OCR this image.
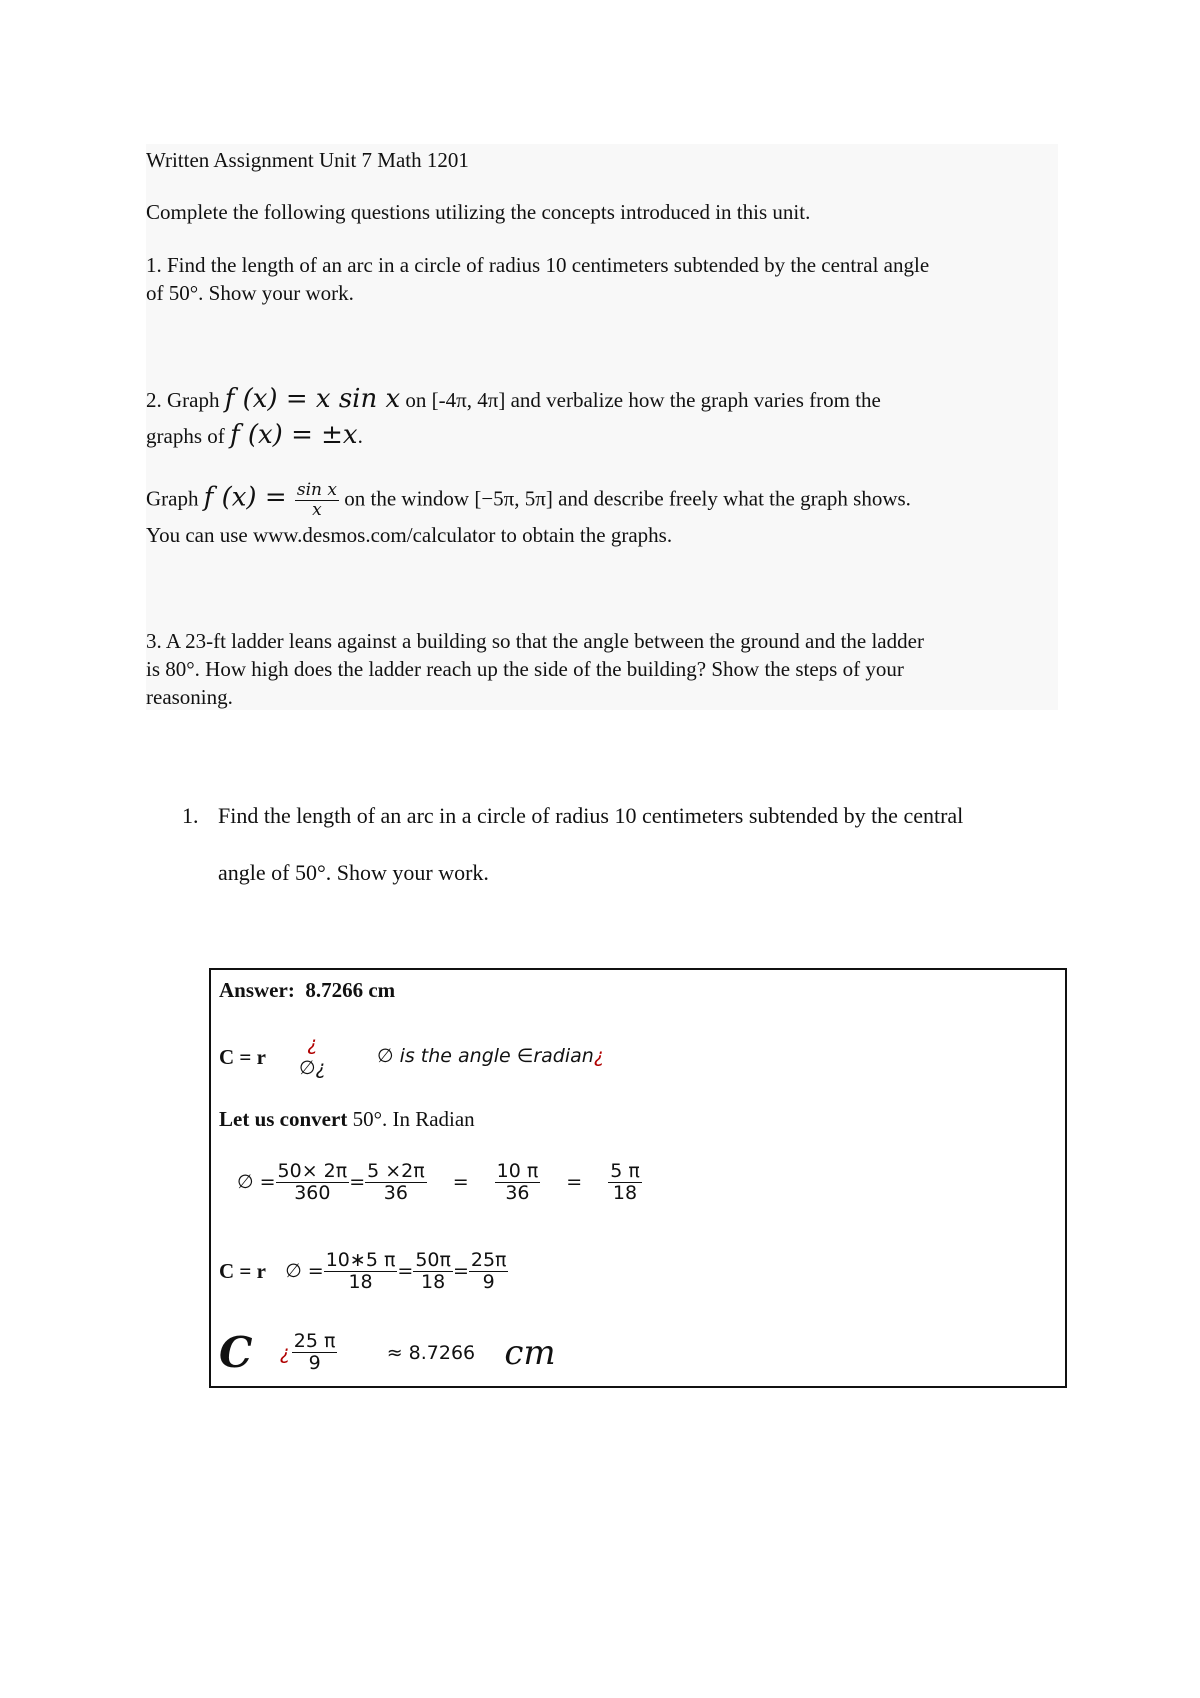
Written Assignment Unit 7 Math 1201
Complete the following questions utilizing the concepts introduced in this unit.
1. Find the length of an arc in a circle of radius 10 centimeters subtended by the central angle
of 50°. Show your work.
2. Graph f (x) = x sin x on [-4π, 4π] and verbalize how the graph varies from the
graphs of f (x) = ±x.
Graph f $(x) = \frac{\text{sin x}}{x}$ on the window [−5π, 5π] and describe freely what the graph shows.
You can use www.desmos.com/calculator to obtain the graphs.
3. A 23-ft ladder leans against a building so that the angle between the ground and the ladder
is 80°. How high does the ladder reach up the side of the building? Show the steps of your
reasoning.
1. Find the length of an arc in a circle of radius 10 centimeters subtended by the central
angle of 50°. Show your work.
Answer: 8.7266 cm
C = r
¿
∅¿
∅ is the angle ∈radian¿
Let us convert 50°. In Radian
∅ = $\frac{50\times 2\pi}{360} = \frac{5 \times 2\pi}{36} = \frac{10 \pi}{36} = \frac{5 \pi}{18}$
C = r ∅ = $\frac{10∗5 \pi}{18} = \frac{50\pi}{18} = \frac{25\pi}{9}$
C ¿ $\frac{25 \pi}{9}$	≈ 8.7266 cm
